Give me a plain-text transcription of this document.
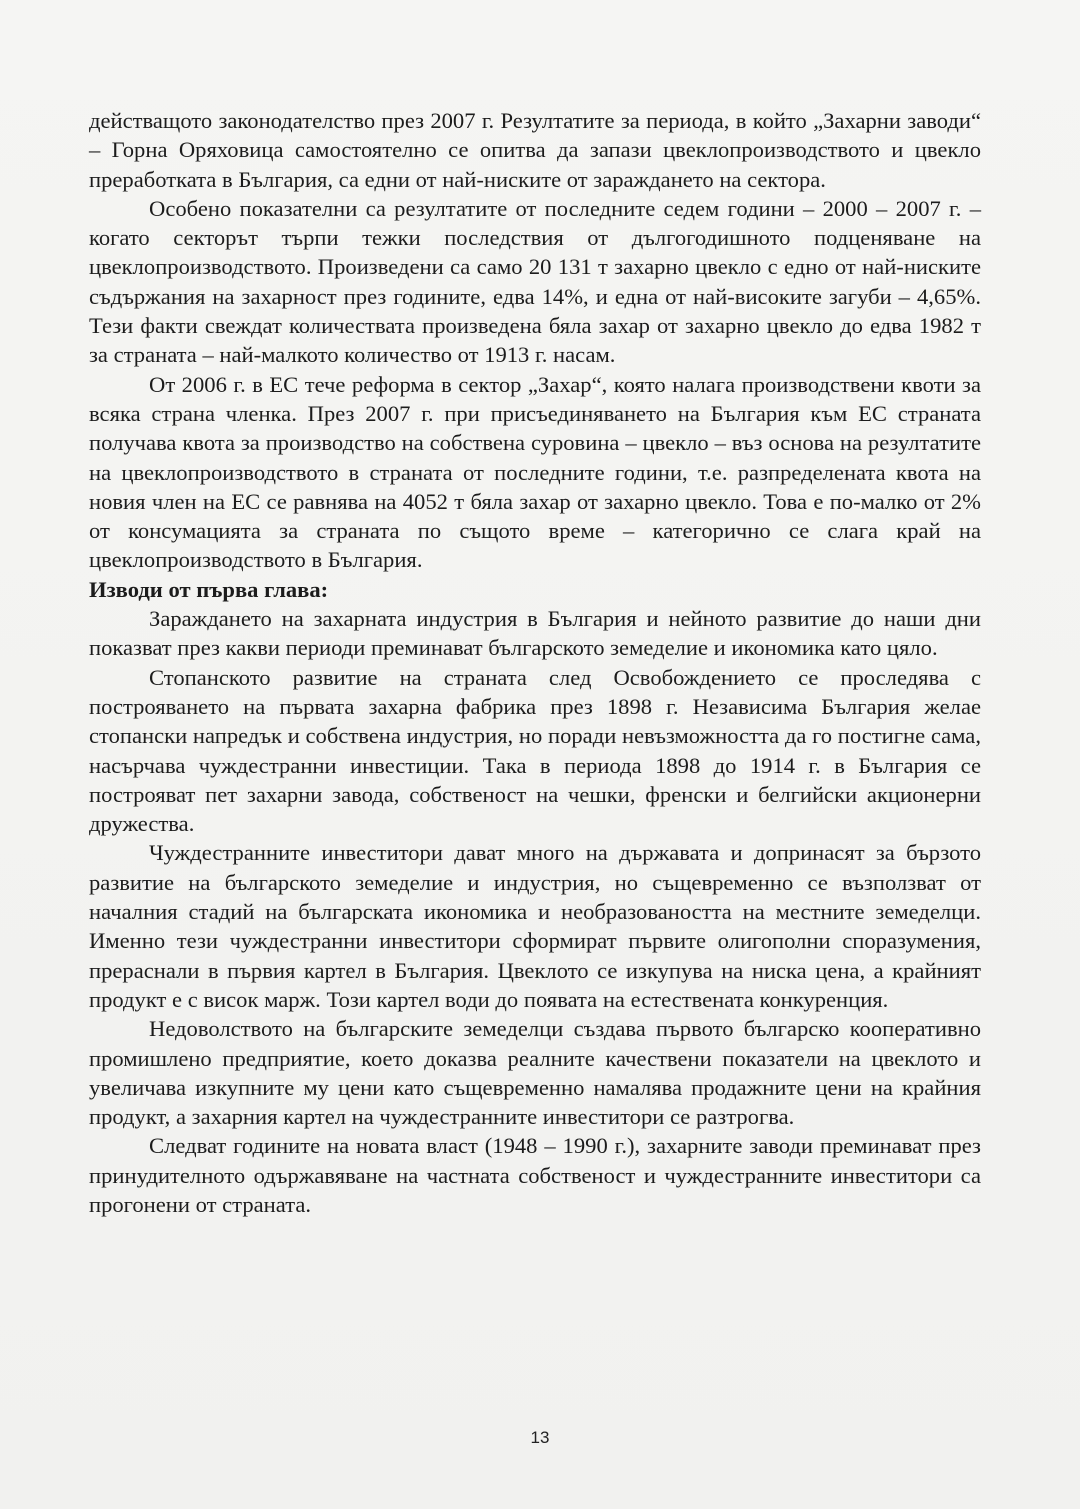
действащото законодателство през 2007 г. Резултатите за периода, в който „Захарни заводи“ – Горна Оряховица самостоятелно се опитва да запази цвеклопроизводството и цвекло преработката в България, са едни от най-ниските от зараждането на сектора.

Особено показателни са резултатите от последните седем години – 2000 – 2007 г. – когато секторът търпи тежки последствия от дългогодишното подценяване на цвеклопроизводството. Произведени са само 20 131 т захарно цвекло с едно от най-ниските съдържания на захарност през годините, едва 14%, и една от най-високите загуби – 4,65%. Тези факти свеждат количествата произведена бяла захар от захарно цвекло до едва 1982 т за страната – най-малкото количество от 1913 г. насам.

От 2006 г. в ЕС тече реформа в сектор „Захар“, която налага производствени квоти за всяка страна членка. През 2007 г. при присъединяването на България към ЕС страната получава квота за производство на собствена суровина – цвекло – въз основа на резултатите на цвеклопроизводството в страната от последните години, т.е. разпределената квота на новия член на ЕС се равнява на 4052 т бяла захар от захарно цвекло. Това е по-малко от 2% от консумацията за страната по същото време – категорично се слага край на цвеклопроизводството в България.

Изводи от първа глава:

Зараждането на захарната индустрия в България и нейното развитие до наши дни показват през какви периоди преминават българското земеделие и икономика като цяло.

Стопанското развитие на страната след Освобождението се проследява с построяването на първата захарна фабрика през 1898 г. Независима България желае стопански напредък и собствена индустрия, но поради невъзможността да го постигне сама, насърчава чуждестранни инвестиции. Така в периода 1898 до 1914 г. в България се построяват пет захарни завода, собственост на чешки, френски и белгийски акционерни дружества.

Чуждестранните инвеститори дават много на държавата и допринасят за бързото развитие на българското земеделие и индустрия, но същевременно се възползват от началния стадий на българската икономика и необразоваността на местните земеделци. Именно тези чуждестранни инвеститори сформират първите олигополни споразумения, прераснали в първия картел в България. Цвеклото се изкупува на ниска цена, а крайният продукт е с висок марж. Този картел води до появата на естествената конкуренция.

Недоволството на българските земеделци създава първото българско кооперативно промишлено предприятие, което доказва реалните качествени показатели на цвеклото и увеличава изкупните му цени като същевременно намалява продажните цени на крайния продукт, а захарния картел на чуждестранните инвеститори се разтрогва.

Следват годините на новата власт (1948 – 1990 г.), захарните заводи преминават през принудителното одържавяване на частната собственост и чуждестранните инвеститори са прогонени от страната.

13
